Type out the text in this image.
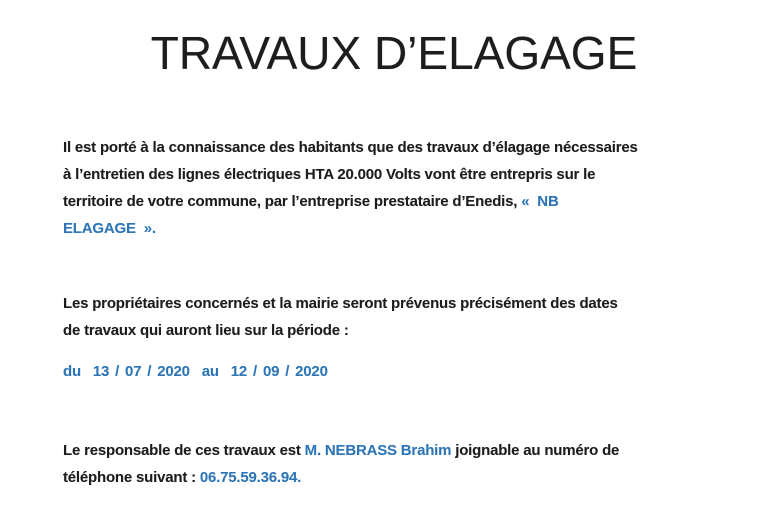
TRAVAUX D’ELAGAGE
Il est porté à la connaissance des habitants que des travaux d’élagage nécessaires
à l’entretien des lignes électriques HTA 20.000 Volts vont être entrepris sur le
territoire de votre commune, par l’entreprise prestataire d’Enedis, «  NB
ELAGAGE  ».
Les propriétaires concernés et la mairie seront prévenus précisément des dates
de travaux qui auront lieu sur la période :
du  13 / 07 / 2020  au  12 / 09 / 2020
Le responsable de ces travaux est M. NEBRASS Brahim joignable au numéro de
téléphone suivant : 06.75.59.36.94.
